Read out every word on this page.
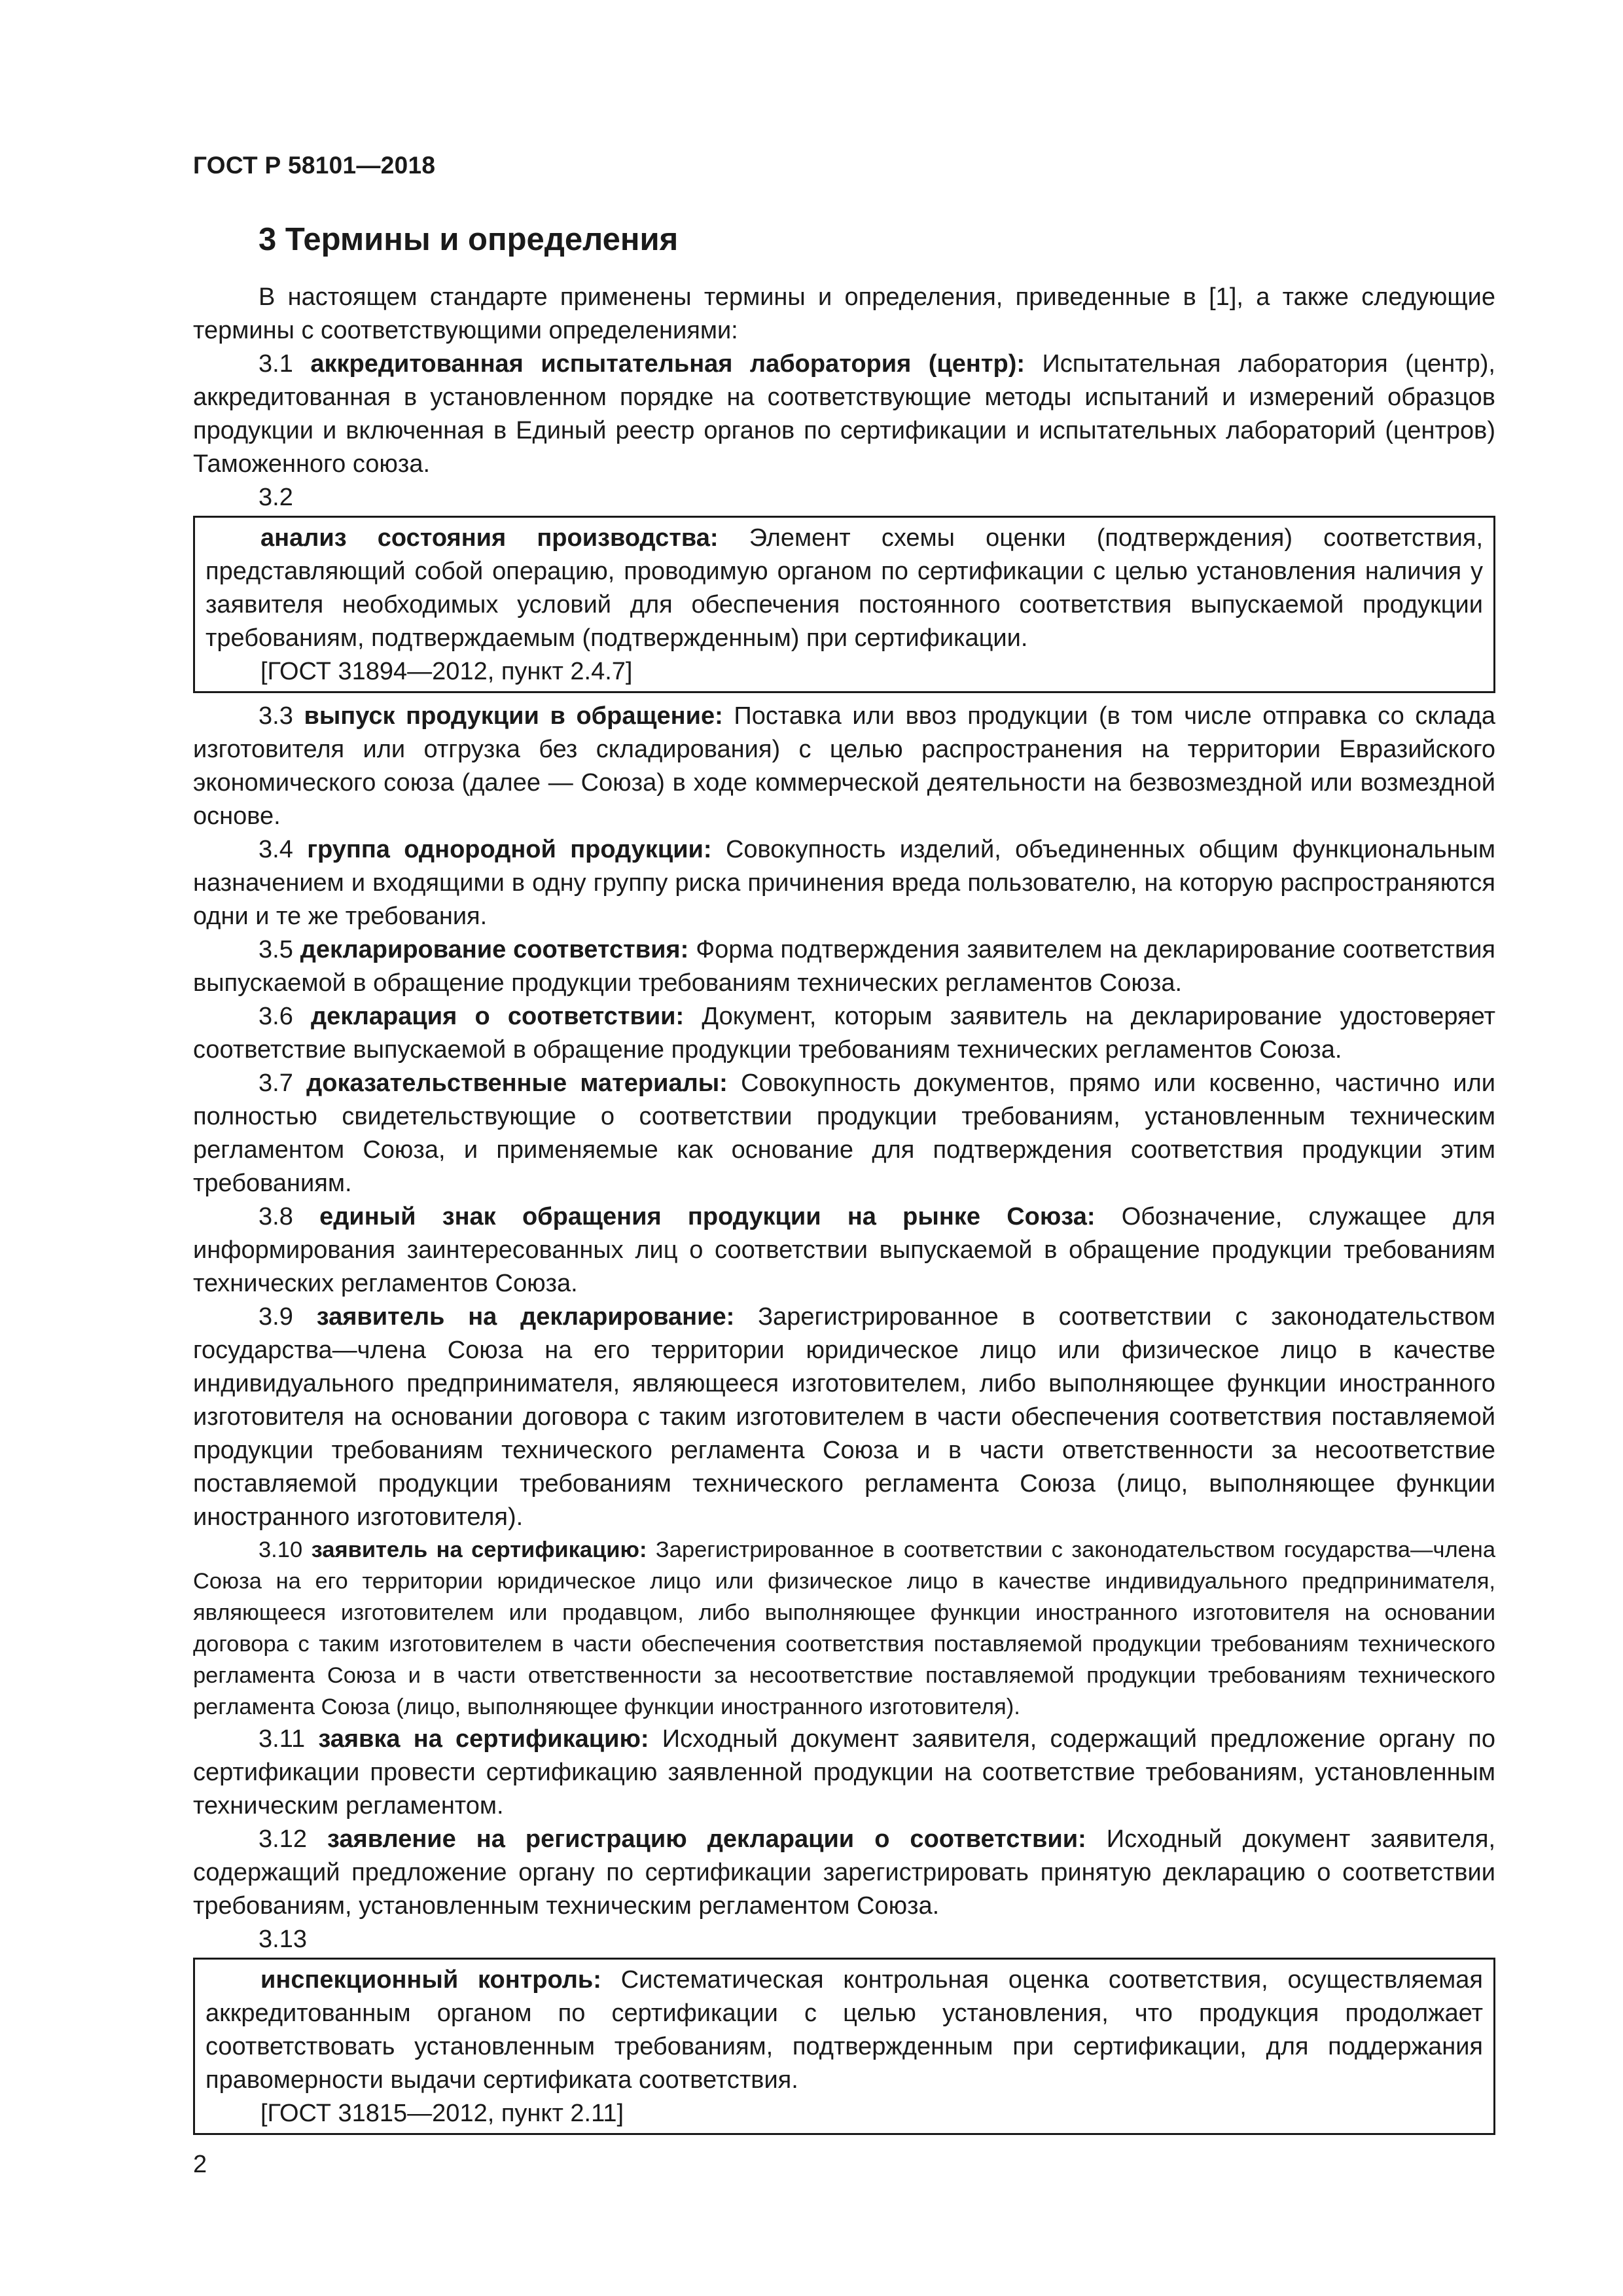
ГОСТ Р 58101—2018
3 Термины и определения

В настоящем стандарте применены термины и определения, приведенные в [1], а также следующие термины с соответствующими определениями:

3.1 аккредитованная испытательная лаборатория (центр): Испытательная лаборатория (центр), аккредитованная в установленном порядке на соответствующие методы испытаний и измерений образцов продукции и включенная в Единый реестр органов по сертификации и испытательных лабораторий (центров) Таможенного союза.

3.2

анализ состояния производства: Элемент схемы оценки (подтверждения) соответствия, представляющий собой операцию, проводимую органом по сертификации с целью установления наличия у заявителя необходимых условий для обеспечения постоянного соответствия выпускаемой продукции требованиям, подтверждаемым (подтвержденным) при сертификации.

[ГОСТ 31894—2012, пункт 2.4.7]

3.3 выпуск продукции в обращение: Поставка или ввоз продукции (в том числе отправка со склада изготовителя или отгрузка без складирования) с целью распространения на территории Евразийского экономического союза (далее — Союза) в ходе коммерческой деятельности на безвозмездной или возмездной основе.

3.4 группа однородной продукции: Совокупность изделий, объединенных общим функциональным назначением и входящими в одну группу риска причинения вреда пользователю, на которую распространяются одни и те же требования.

3.5 декларирование соответствия: Форма подтверждения заявителем на декларирование соответствия выпускаемой в обращение продукции требованиям технических регламентов Союза.

3.6 декларация о соответствии: Документ, которым заявитель на декларирование удостоверяет соответствие выпускаемой в обращение продукции требованиям технических регламентов Союза.

3.7 доказательственные материалы: Совокупность документов, прямо или косвенно, частично или полностью свидетельствующие о соответствии продукции требованиям, установленным техническим регламентом Союза, и применяемые как основание для подтверждения соответствия продукции этим требованиям.

3.8 единый знак обращения продукции на рынке Союза: Обозначение, служащее для информирования заинтересованных лиц о соответствии выпускаемой в обращение продукции требованиям технических регламентов Союза.

3.9 заявитель на декларирование: Зарегистрированное в соответствии с законодательством государства—члена Союза на его территории юридическое лицо или физическое лицо в качестве индивидуального предпринимателя, являющееся изготовителем, либо выполняющее функции иностранного изготовителя на основании договора с таким изготовителем в части обеспечения соответствия поставляемой продукции требованиям технического регламента Союза и в части ответственности за несоответствие поставляемой продукции требованиям технического регламента Союза (лицо, выполняющее функции иностранного изготовителя).

3.10 заявитель на сертификацию: Зарегистрированное в соответствии с законодательством государства—члена Союза на его территории юридическое лицо или физическое лицо в качестве индивидуального предпринимателя, являющееся изготовителем или продавцом, либо выполняющее функции иностранного изготовителя на основании договора с таким изготовителем в части обеспечения соответствия поставляемой продукции требованиям технического регламента Союза и в части ответственности за несоответствие поставляемой продукции требованиям технического регламента Союза (лицо, выполняющее функции иностранного изготовителя).

3.11 заявка на сертификацию: Исходный документ заявителя, содержащий предложение органу по сертификации провести сертификацию заявленной продукции на соответствие требованиям, установленным техническим регламентом.

3.12 заявление на регистрацию декларации о соответствии: Исходный документ заявителя, содержащий предложение органу по сертификации зарегистрировать принятую декларацию о соответствии требованиям, установленным техническим регламентом Союза.

3.13

инспекционный контроль: Систематическая контрольная оценка соответствия, осуществляемая аккредитованным органом по сертификации с целью установления, что продукция продолжает соответствовать установленным требованиям, подтвержденным при сертификации, для поддержания правомерности выдачи сертификата соответствия.

[ГОСТ 31815—2012, пункт 2.11]

2
